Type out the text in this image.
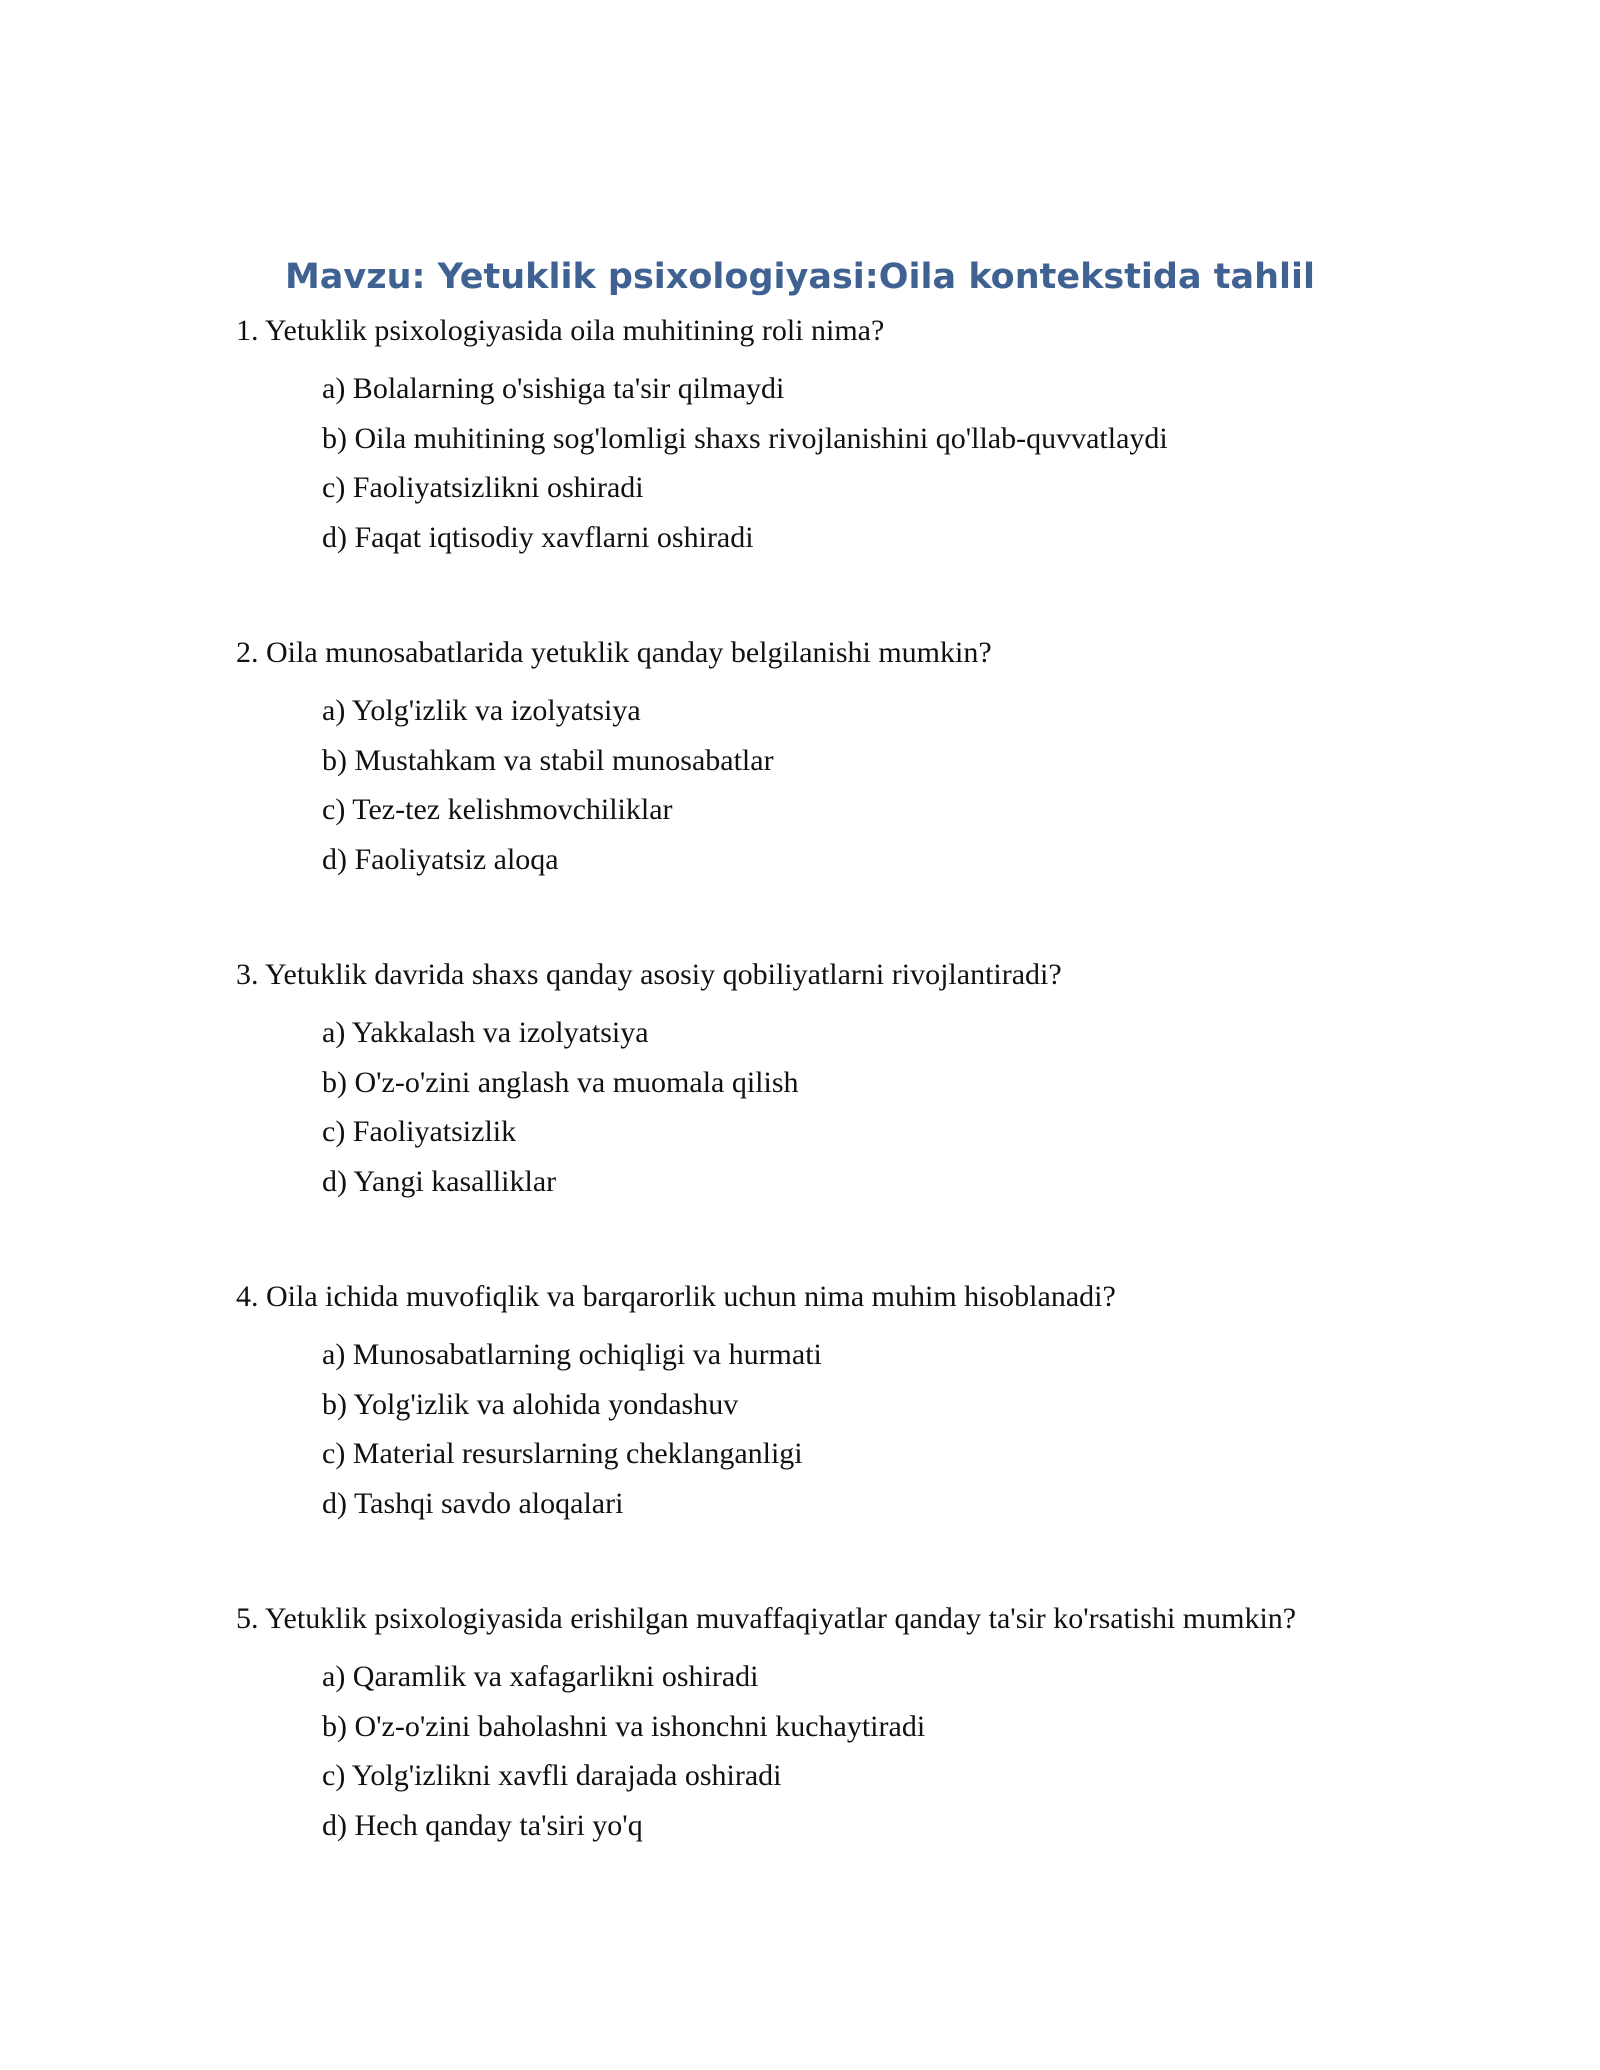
Mavzu: Yetuklik psixologiyasi:Oila kontekstida tahlil

1. Yetuklik psixologiyasida oila muhitining roli nima?

a) Bolalarning o'sishiga ta'sir qilmaydi
b) Oila muhitining sog'lomligi shaxs rivojlanishini qo'llab-quvvatlaydi
c) Faoliyatsizlikni oshiradi
d) Faqat iqtisodiy xavflarni oshiradi

2. Oila munosabatlarida yetuklik qanday belgilanishi mumkin?

a) Yolg'izlik va izolyatsiya
b) Mustahkam va stabil munosabatlar
c) Tez-tez kelishmovchiliklar
d) Faoliyatsiz aloqa

3. Yetuklik davrida shaxs qanday asosiy qobiliyatlarni rivojlantiradi?

a) Yakkalash va izolyatsiya
b) O'z-o'zini anglash va muomala qilish
c) Faoliyatsizlik
d) Yangi kasalliklar

4. Oila ichida muvofiqlik va barqarorlik uchun nima muhim hisoblanadi?

a) Munosabatlarning ochiqligi va hurmati
b) Yolg'izlik va alohida yondashuv
c) Material resurslarning cheklanganligi
d) Tashqi savdo aloqalari

5. Yetuklik psixologiyasida erishilgan muvaffaqiyatlar qanday ta'sir ko'rsatishi mumkin?

a) Qaramlik va xafagarlikni oshiradi
b) O'z-o'zini baholashni va ishonchni kuchaytiradi
c) Yolg'izlikni xavfli darajada oshiradi
d) Hech qanday ta'siri yo'q
